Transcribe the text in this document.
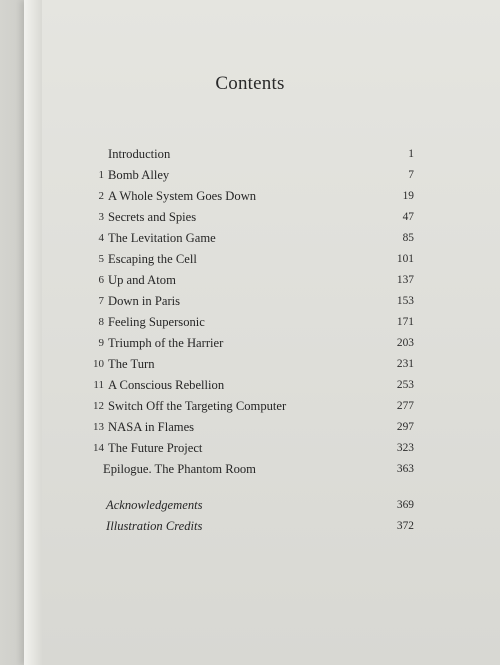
Contents
Introduction	1
1 Bomb Alley	7
2 A Whole System Goes Down	19
3 Secrets and Spies	47
4 The Levitation Game	85
5 Escaping the Cell	101
6 Up and Atom	137
7 Down in Paris	153
8 Feeling Supersonic	171
9 Triumph of the Harrier	203
10 The Turn	231
11 A Conscious Rebellion	253
12 Switch Off the Targeting Computer	277
13 NASA in Flames	297
14 The Future Project	323
Epilogue. The Phantom Room	363
Acknowledgements	369
Illustration Credits	372
